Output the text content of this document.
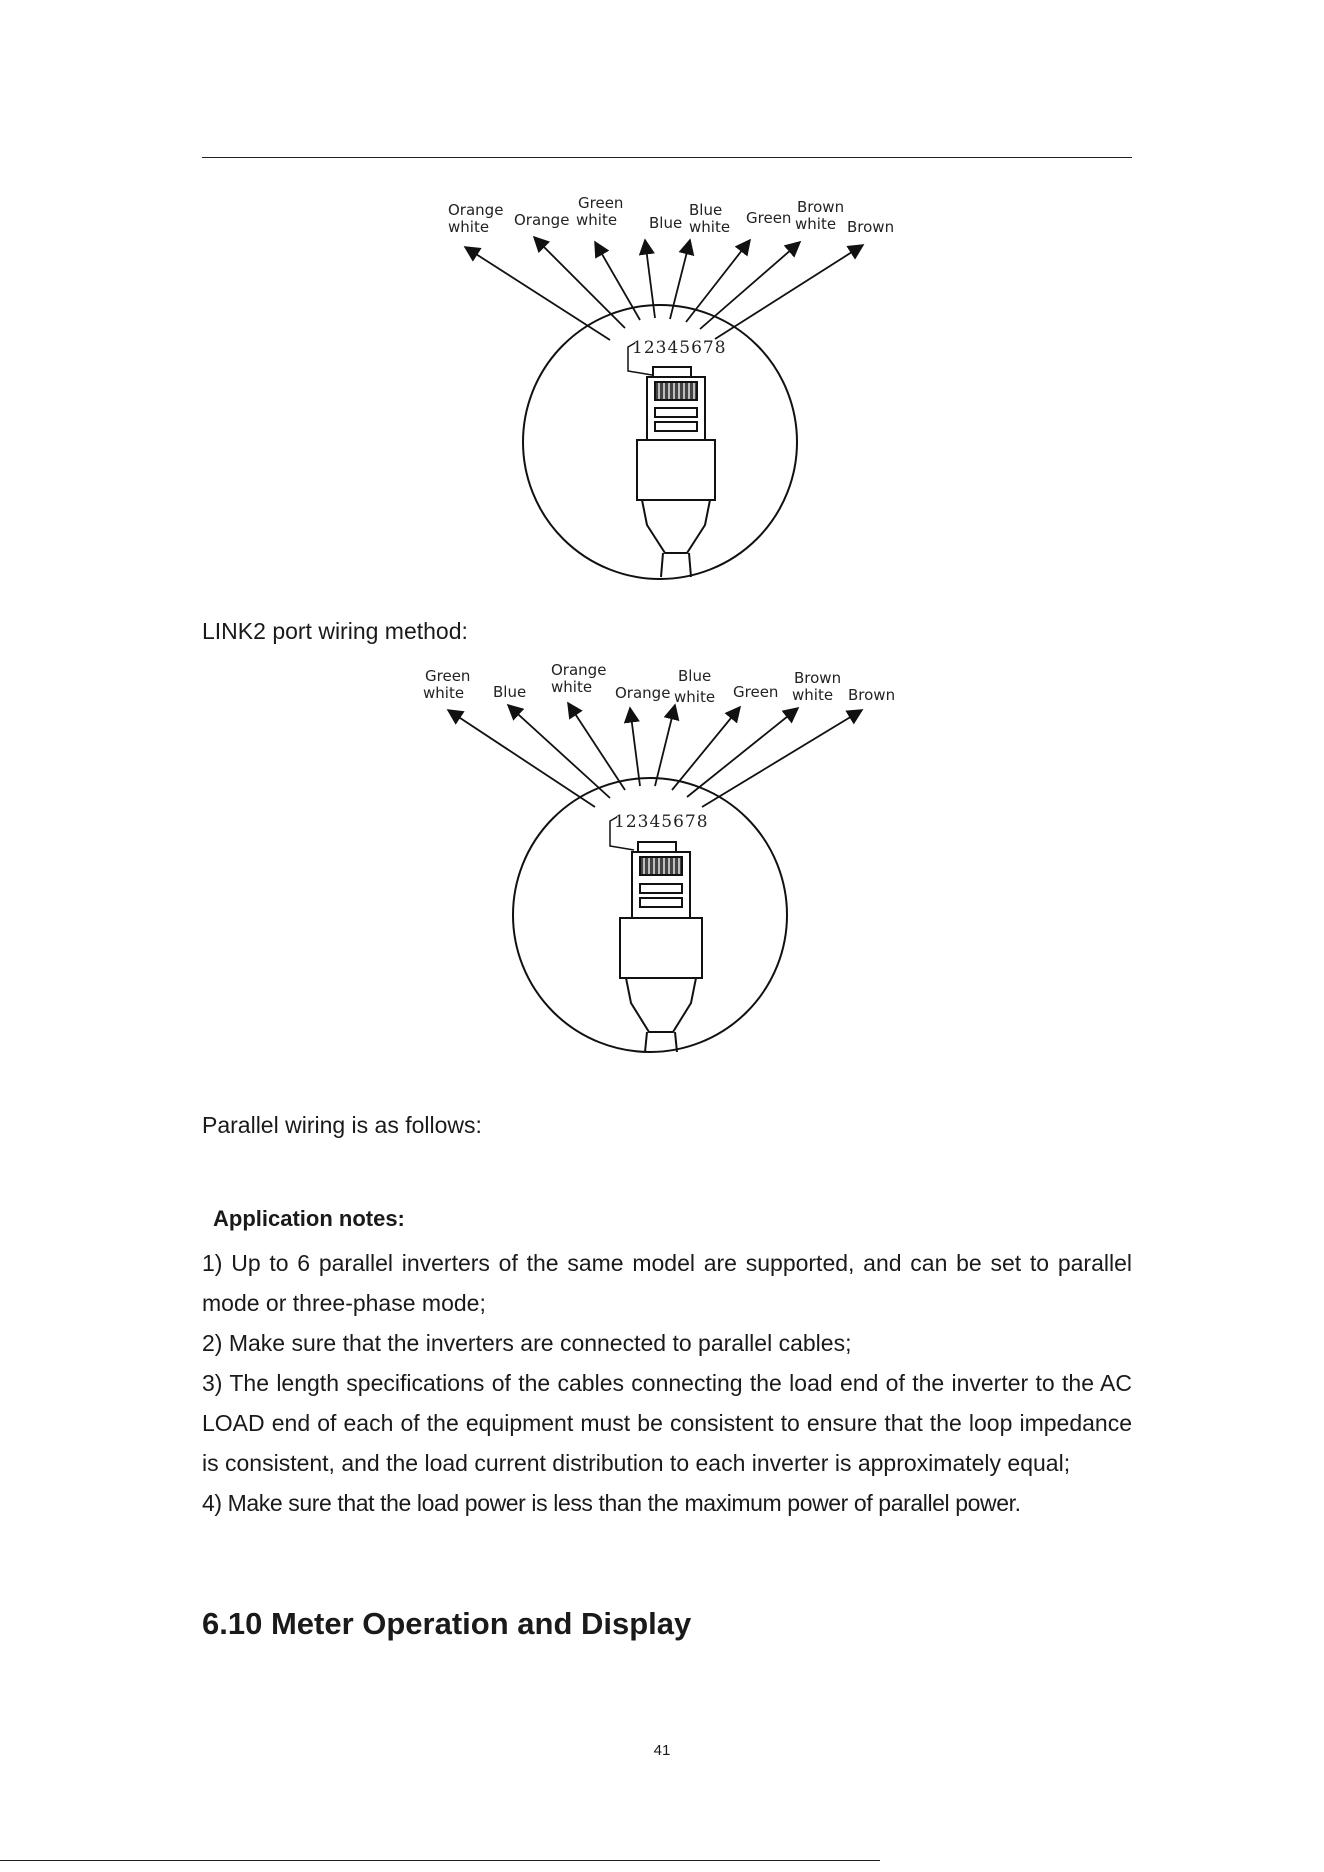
Orange white	Orange
Green white	Blue
Blue white Green
Brown white Brown
12345678
LINK2 port wiring method:
Green white	Blue
Orange white	Orange
Blue white Green
Brown white Brown
12345678
Parallel wiring is as follows:
Application notes:

1) Up to 6 parallel inverters of the same model are supported, and can be set to parallel mode or three-phase mode;

2) Make sure that the inverters are connected to parallel cables;

3) The length specifications of the cables connecting the load end of the inverter to the AC LOAD end of each of the equipment must be consistent to ensure that the loop impedance is consistent, and the load current distribution to each inverter is approximately equal;

4) Make sure that the load power is less than the maximum power of parallel power.

6.10 Meter Operation and Display
41
